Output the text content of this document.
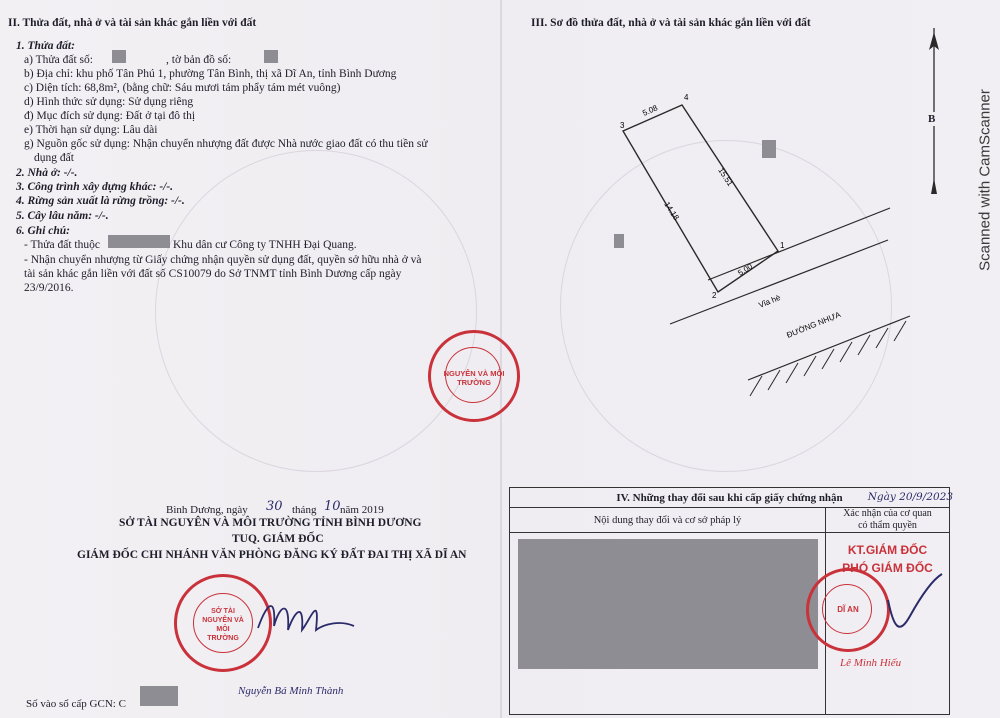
II. Thửa đất, nhà ở và tài sản khác gắn liền với đất
1. Thửa đất:
a) Thửa đất số:	, tờ bản đồ số:
b) Địa chỉ: khu phố Tân Phú 1, phường Tân Bình, thị xã Dĩ An, tỉnh Bình Dương
c) Diện tích: 68,8m², (bằng chữ: Sáu mươi tám phẩy tám mét vuông)
d) Hình thức sử dụng: Sử dụng riêng
đ) Mục đích sử dụng: Đất ở tại đô thị
e) Thời hạn sử dụng: Lâu dài
g) Nguồn gốc sử dụng: Nhận chuyển nhượng đất được Nhà nước giao đất có thu tiền sử
dụng đất
2. Nhà ở: -/-.
3. Công trình xây dựng khác: -/-.
4. Rừng sản xuất là rừng trồng: -/-.
5. Cây lâu năm: -/-.
6. Ghi chú:
- Thửa đất thuộc	Khu dân cư Công ty TNHH Đại Quang.
- Nhận chuyển nhượng từ Giấy chứng nhận quyền sử dụng đất, quyền sở hữu nhà ở và
tài sản khác gắn liền với đất số CS10079 do Sở TNMT tỉnh Bình Dương cấp ngày
23/9/2016.
NGUYÊN VÀ MÔI TRƯỜNG
Bình Dương, ngày 30 tháng 10 năm 2019
SỞ TÀI NGUYÊN VÀ MÔI TRƯỜNG TỈNH BÌNH DƯƠNG
TUQ. GIÁM ĐỐC
GIÁM ĐỐC CHI NHÁNH VĂN PHÒNG ĐĂNG KÝ ĐẤT ĐAI THỊ XÃ DĨ AN
SỞ TÀI NGUYÊN VÀ MÔI TRƯỜNG
Nguyễn Bá Minh Thành
Số vào sổ cấp GCN: C
III. Sơ đồ thửa đất, nhà ở và tài sản khác gắn liền với đất
3
4
2
1
5.08
15.51
14.18
5.00
Vỉa hè
ĐƯỜNG NHỰA
B	Scanned with CamScanner
IV. Những thay đổi sau khi cấp giấy chứng nhận Ngày 20/9/2023	

Nội dung thay đổi và cơ sở pháp lý	Xác nhận của cơ quan
có thẩm quyền

	KT.GIÁM ĐỐC
PHÓ GIÁM ĐỐC
DĨ AN
Lê Minh Hiếu
